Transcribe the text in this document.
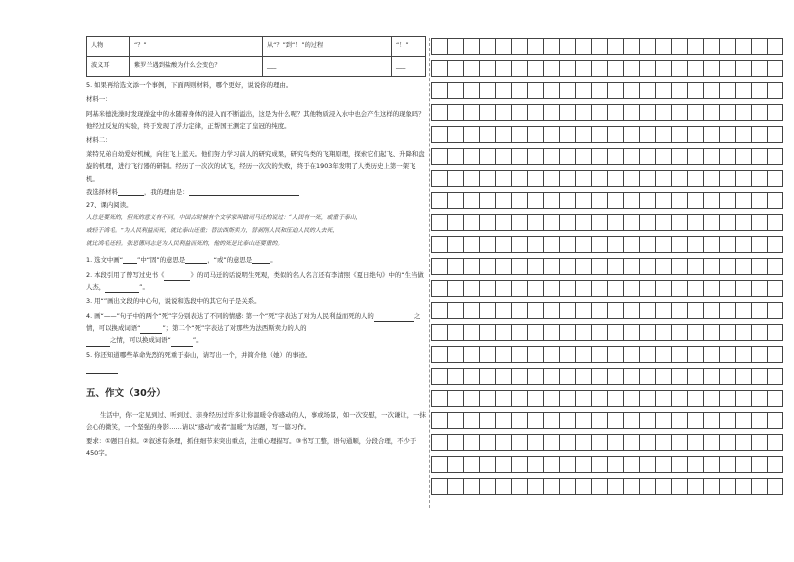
人物	“？”	从“？”到“！”的过程	“！”
波义耳	紫罗兰遇到盐酸为什么会变色？	___	___

5. 如果再给选文添一个事例，下面两则材料，哪个更好，说说你的理由。

材料一：

阿基米德洗澡时发现澡盆中的水随着身体的浸入而不断溢出，这是为什么呢？其他物质浸入水中也会产生这样的现象吗？他经过反复的实验，终于发现了浮力定律，正帮国王测定了皇冠的纯度。

材料二：

莱特兄弟自幼爱好机械，向往飞上蓝天。他们努力学习前人的研究成果，研究鸟类的飞翔原理，探索它们起飞、升降和盘旋的机理，进行飞行器的研制。经历了一次次的试飞，经历一次次的失败，终于在1903年发明了人类历史上第一架飞机。

我选择材料	，我的理由是：

27、课内阅读。

人总是要死的，但死的意义有不同。中国古时候有个文学家叫做司马迁的说过：“人固有一死，或重于泰山，

或轻于鸿毛。”为人民利益而死，就比泰山还重；替法西斯卖力，替剥削人民和压迫人民的人去死，

就比鸿毛还轻。张思德同志是为人民利益而死的，他的死是比泰山还要重的。

1. 选文中画“ ”中“固”的意思是	，“或”的意思是	。

2. 本段引用了曾写过史书《	》的司马迁的话说明生死观，类似的名人名言还有李清照《夏日绝句》中的“生当做人杰，	”。

3. 用“”画出文段的中心句，说说和选段中的其它句子是关系。

4. 画“——”句子中的两个“死”字分别表达了不同的情感: 第一个“死”字表达了对为人民利益而死的人的	之情，可以换成词语“	”；第二个“死”字表达了对那些为法西斯卖力的人的
之情，可以换成词语“	”。

5. 你还知道哪些革命先烈的死重于泰山，请写出一个，并简介他（她）的事迹。

五、作文（30分）

生活中，你一定见到过、听到过、亲身经历过许多让你温暖令你感动的人，事或场景，如一次安慰，一次谦让，一抹会心的微笑，一个坚强的身影……请以“感动”或者“温暖”为话题，写一篇习作。

要求：①题目自拟。②叙述有条理，抓住细节来突出重点，注重心理描写。③书写工整，语句通顺，分段合理，不少于450字。
